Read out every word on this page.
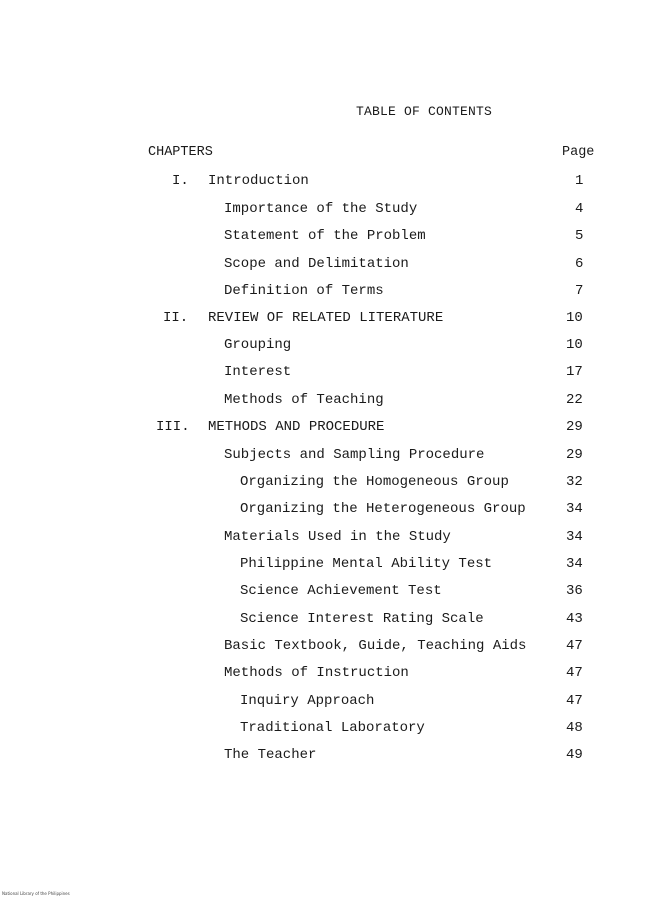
TABLE OF CONTENTS
CHAPTERS	Page
I. Introduction	1
Importance of the Study	4
Statement of the Problem	5
Scope and Delimitation	6
Definition of Terms	7
II. REVIEW OF RELATED LITERATURE	10
Grouping	10
Interest	17
Methods of Teaching	22
III. METHODS AND PROCEDURE	29
Subjects and Sampling Procedure	29
Organizing the Homogeneous Group	32
Organizing the Heterogeneous Group	34
Materials Used in the Study	34
Philippine Mental Ability Test	34
Science Achievement Test	36
Science Interest Rating Scale	43
Basic Textbook, Guide, Teaching Aids	47
Methods of Instruction	47
Inquiry Approach	47
Traditional Laboratory	48
The Teacher	49
National Library of the Philippines
